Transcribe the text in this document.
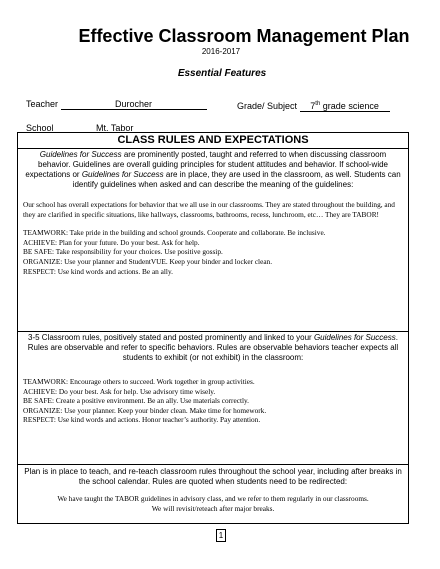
Effective Classroom Management Plan
2016-2017
Essential Features
Teacher	Durocher	Grade/ Subject 7th grade science
School	Mt. Tabor
CLASS RULES AND EXPECTATIONS
Guidelines for Success are prominently posted, taught and referred to when discussing classroom behavior. Guidelines are overall guiding principles for student attitudes and behavior. If school-wide expectations or Guidelines for Success are in place, they are used in the classroom, as well. Students can identify guidelines when asked and can describe the meaning of the guidelines:

Our school has overall expectations for behavior that we all use in our classrooms. They are stated throughout the building, and they are clarified in specific situations, like hallways, classrooms, bathrooms, recess, lunchroom, etc… They are TABOR!

TEAMWORK: Take pride in the building and school grounds. Cooperate and collaborate. Be inclusive.

ACHIEVE: Plan for your future. Do your best. Ask for help.

BE SAFE: Take responsibility for your choices. Use positive gossip.

ORGANIZE: Use your planner and StudentVUE. Keep your binder and locker clean.

RESPECT: Use kind words and actions. Be an ally.

3-5 Classroom rules, positively stated and posted prominently and linked to your Guidelines for Success. Rules are observable and refer to specific behaviors. Rules are observable behaviors teacher expects all students to exhibit (or not exhibit) in the classroom:

TEAMWORK: Encourage others to succeed. Work together in group activities.

ACHIEVE: Do your best. Ask for help. Use advisory time wisely.

BE SAFE: Create a positive environment. Be an ally. Use materials correctly.

ORGANIZE: Use your planner. Keep your binder clean. Make time for homework.

RESPECT: Use kind words and actions. Honor teacher’s authority. Pay attention.

Plan is in place to teach, and re-teach classroom rules throughout the school year, including after breaks in the school calendar. Rules are quoted when students need to be redirected:

We have taught the TABOR guidelines in advisory class, and we refer to them regularly in our classrooms.

We will revisit/reteach after major breaks.

1
